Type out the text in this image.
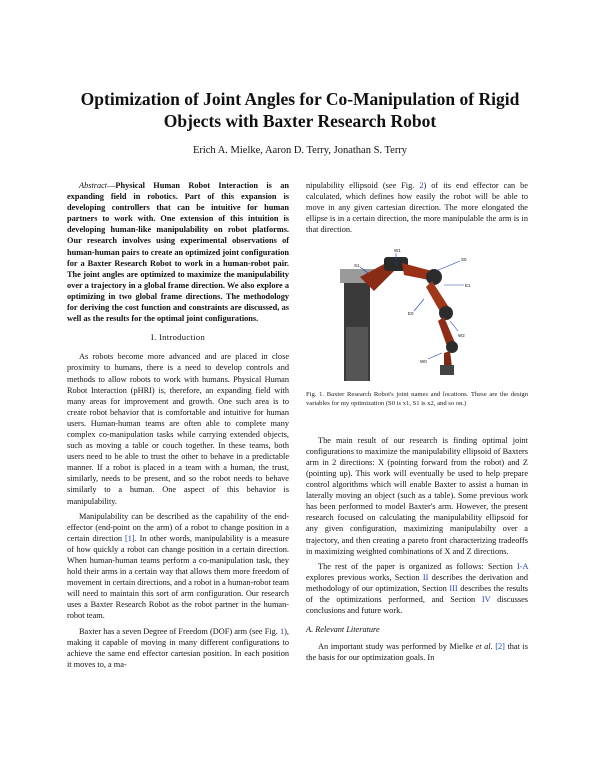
Optimization of Joint Angles for Co-Manipulation of Rigid Objects with Baxter Research Robot
Erich A. Mielke, Aaron D. Terry, Jonathan S. Terry

Abstract—Physical Human Robot Interaction is an expanding field in robotics. Part of this expansion is developing controllers that can be intuitive for human partners to work with. One extension of this intuition is developing human-like manipulability on robot platforms. Our research involves using experimental observations of human-human pairs to create an optimized joint configuration for a Baxter Research Robot to work in a human-robot pair. The joint angles are optimized to maximize the manipulability over a trajectory in a global frame direction. We also explore a optimizing in two global frame directions. The methodology for deriving the cost function and constraints are discussed, as well as the results for the optimal joint configurations.

I. Introduction

As robots become more advanced and are placed in close proximity to humans, there is a need to develop controls and methods to allow robots to work with humans. Physical Human Robot Interaction (pHRI) is, therefore, an expanding field with many areas for improvement and growth. One such area is to create robot behavior that is comfortable and intuitive for human users. Human-human teams are often able to complete many complex co-manipulation tasks while carrying extended objects, such as moving a table or couch together. In these teams, both users need to be able to trust the other to behave in a predictable manner. If a robot is placed in a team with a human, the trust, similarly, needs to be present, and so the robot needs to behave similarly to a human. One aspect of this behavior is manipulability.

Manipulability can be described as the capability of the end-effector (end-point on the arm) of a robot to change position in a certain direction [1]. In other words, manipulability is a measure of how quickly a robot can change position in a certain direction. When human-human teams perform a co-manipulation task, they hold their arms in a certain way that allows them more freedom of movement in certain directions, and a robot in a human-robot team will need to maintain this sort of arm configuration. Our research uses a Baxter Research Robot as the robot partner in the human-robot team.

Baxter has a seven Degree of Freedom (DOF) arm (see Fig. 1), making it capable of moving in many different configurations to achieve the same end effector cartesian position. In each position it moves to, a ma-

nipulability ellipsoid (see Fig. 2) of its end effector can be calculated, which defines how easily the robot will be able to move in any given cartesian direction. The more elongated the ellipse is in a certain direction, the more manipulable the arm is in that direction.

S1
W1
S0
E1
E0
W2
W0
Fig. 1. Baxter Research Robot's joint names and locations. These are the design variables for my optimization (S0 is x1, S1 is x2, and so on.)

The main result of our research is finding optimal joint configurations to maximize the manipulability ellipsoid of Baxters arm in 2 directions: X (pointing forward from the robot) and Z (pointing up). This work will eventually be used to help prepare control algorithms which will enable Baxter to assist a human in laterally moving an object (such as a table). Some previous work has been performed to model Baxter's arm. However, the present research focused on calculating the manipulability ellipsoid for any given configuration, maximizing manipulabilty over a trajectory, and then creating a pareto front characterizing tradeoffs in maximizing weighted combinations of X and Z directions.

The rest of the paper is organized as follows: Section I-A explores previous works, Section II describes the derivation and methodology of our optimization, Section III describes the results of the optimizations performed, and Section IV discusses conclusions and future work.

A. Relevant Literature

An important study was performed by Mielke et al. [2] that is the basis for our optimization goals. In
